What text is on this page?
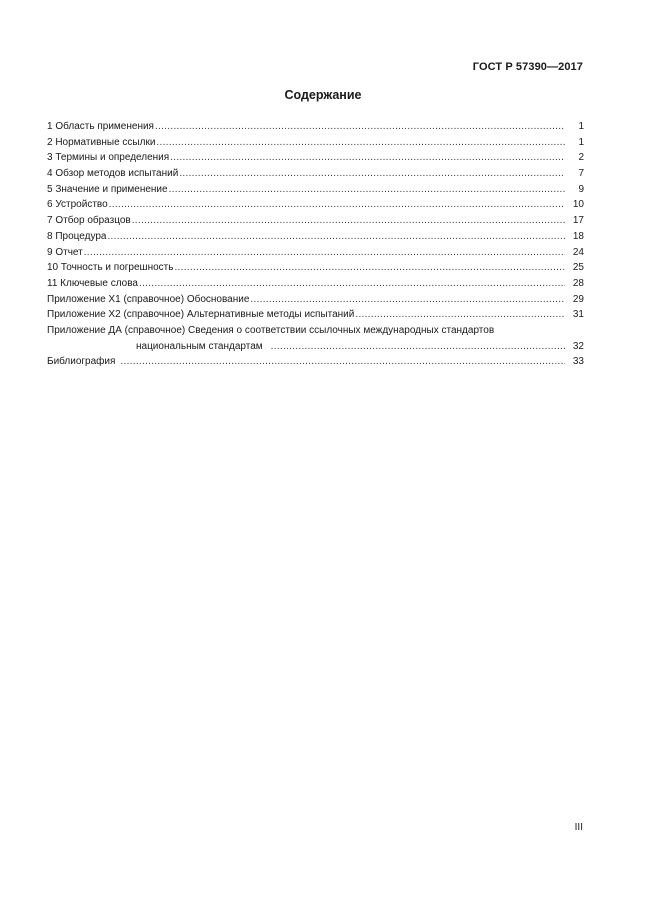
ГОСТ Р 57390—2017
Содержание
1 Область применения .....	1
2 Нормативные ссылки .....	1
3 Термины и определения .....	2
4 Обзор методов испытаний .....	7
5 Значение и применение .....	9
6 Устройство .....	10
7 Отбор образцов .....	17
8 Процедура .....	18
9 Отчет .....	24
10 Точность и погрешность .....	25
11 Ключевые слова .....	28
Приложение Х1 (справочное) Обоснование .....	29
Приложение Х2 (справочное) Альтернативные методы испытаний .....	31
Приложение ДА (справочное) Сведения о соответствии ссылочных международных стандартов
национальным стандартам .....	32
Библиография .....	33
III
